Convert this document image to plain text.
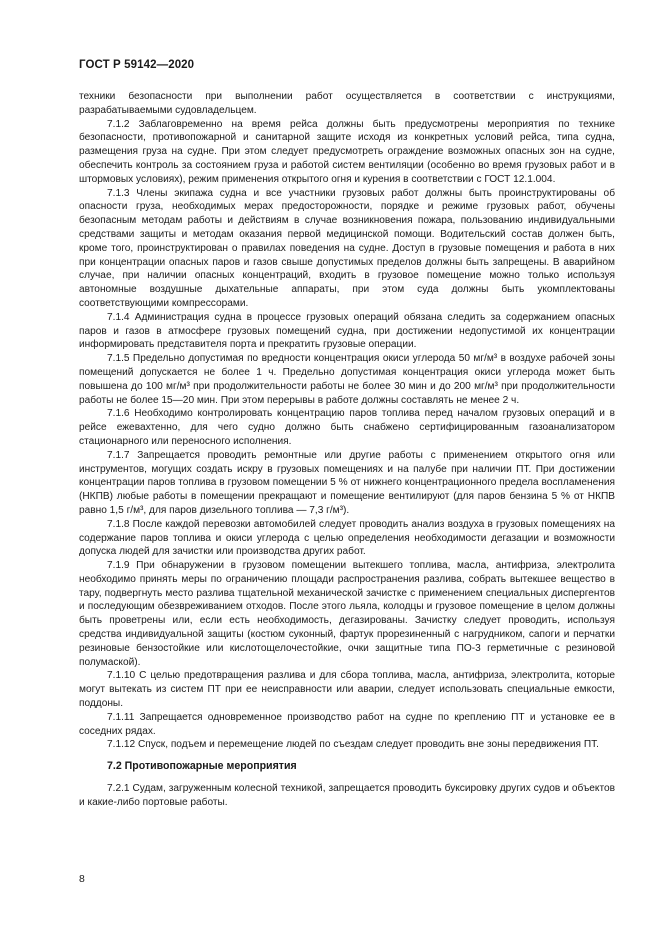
ГОСТ Р 59142—2020

техники безопасности при выполнении работ осуществляется в соответствии с инструкциями, разрабатываемыми судовладельцем.

7.1.2 Заблаговременно на время рейса должны быть предусмотрены мероприятия по технике безопасности, противопожарной и санитарной защите исходя из конкретных условий рейса, типа судна, размещения груза на судне. При этом следует предусмотреть ограждение возможных опасных зон на судне, обеспечить контроль за состоянием груза и работой систем вентиляции (особенно во время грузовых работ и в штормовых условиях), режим применения открытого огня и курения в соответствии с ГОСТ 12.1.004.

7.1.3 Члены экипажа судна и все участники грузовых работ должны быть проинструктированы об опасности груза, необходимых мерах предосторожности, порядке и режиме грузовых работ, обучены безопасным методам работы и действиям в случае возникновения пожара, пользованию индивидуальными средствами защиты и методам оказания первой медицинской помощи. Водительский состав должен быть, кроме того, проинструктирован о правилах поведения на судне. Доступ в грузовые помещения и работа в них при концентрации опасных паров и газов свыше допустимых пределов должны быть запрещены. В аварийном случае, при наличии опасных концентраций, входить в грузовое помещение можно только используя автономные воздушные дыхательные аппараты, при этом суда должны быть укомплектованы соответствующими компрессорами.

7.1.4 Администрация судна в процессе грузовых операций обязана следить за содержанием опасных паров и газов в атмосфере грузовых помещений судна, при достижении недопустимой их концентрации информировать представителя порта и прекратить грузовые операции.

7.1.5 Предельно допустимая по вредности концентрация окиси углерода 50 мг/м³ в воздухе рабочей зоны помещений допускается не более 1 ч. Предельно допустимая концентрация окиси углерода может быть повышена до 100 мг/м³ при продолжительности работы не более 30 мин и до 200 мг/м³ при продолжительности работы не более 15—20 мин. При этом перерывы в работе должны составлять не менее 2 ч.

7.1.6 Необходимо контролировать концентрацию паров топлива перед началом грузовых операций и в рейсе ежевахтенно, для чего судно должно быть снабжено сертифицированным газоанализатором стационарного или переносного исполнения.

7.1.7 Запрещается проводить ремонтные или другие работы с применением открытого огня или инструментов, могущих создать искру в грузовых помещениях и на палубе при наличии ПТ. При достижении концентрации паров топлива в грузовом помещении 5 % от нижнего концентрационного предела воспламенения (НКПВ) любые работы в помещении прекращают и помещение вентилируют (для паров бензина 5 % от НКПВ равно 1,5 г/м³, для паров дизельного топлива — 7,3 г/м³).

7.1.8 После каждой перевозки автомобилей следует проводить анализ воздуха в грузовых помещениях на содержание паров топлива и окиси углерода с целью определения необходимости дегазации и возможности допуска людей для зачистки или производства других работ.

7.1.9 При обнаружении в грузовом помещении вытекшего топлива, масла, антифриза, электролита необходимо принять меры по ограничению площади распространения разлива, собрать вытекшее вещество в тару, подвергнуть место разлива тщательной механической зачистке с применением специальных диспергентов и последующим обезвреживанием отходов. После этого льяла, колодцы и грузовое помещение в целом должны быть проветрены или, если есть необходимость, дегазированы. Зачистку следует проводить, используя средства индивидуальной защиты (костюм суконный, фартук прорезиненный с нагрудником, сапоги и перчатки резиновые бензостойкие или кислотощелочестойкие, очки защитные типа ПО-3 герметичные с резиновой полумаской).

7.1.10 С целью предотвращения разлива и для сбора топлива, масла, антифриза, электролита, которые могут вытекать из систем ПТ при ее неисправности или аварии, следует использовать специальные емкости, поддоны.

7.1.11 Запрещается одновременное производство работ на судне по креплению ПТ и установке ее в соседних рядах.

7.1.12 Спуск, подъем и перемещение людей по съездам следует проводить вне зоны передвижения ПТ.

7.2 Противопожарные мероприятия

7.2.1 Судам, загруженным колесной техникой, запрещается проводить буксировку других судов и объектов и какие-либо портовые работы.

8
